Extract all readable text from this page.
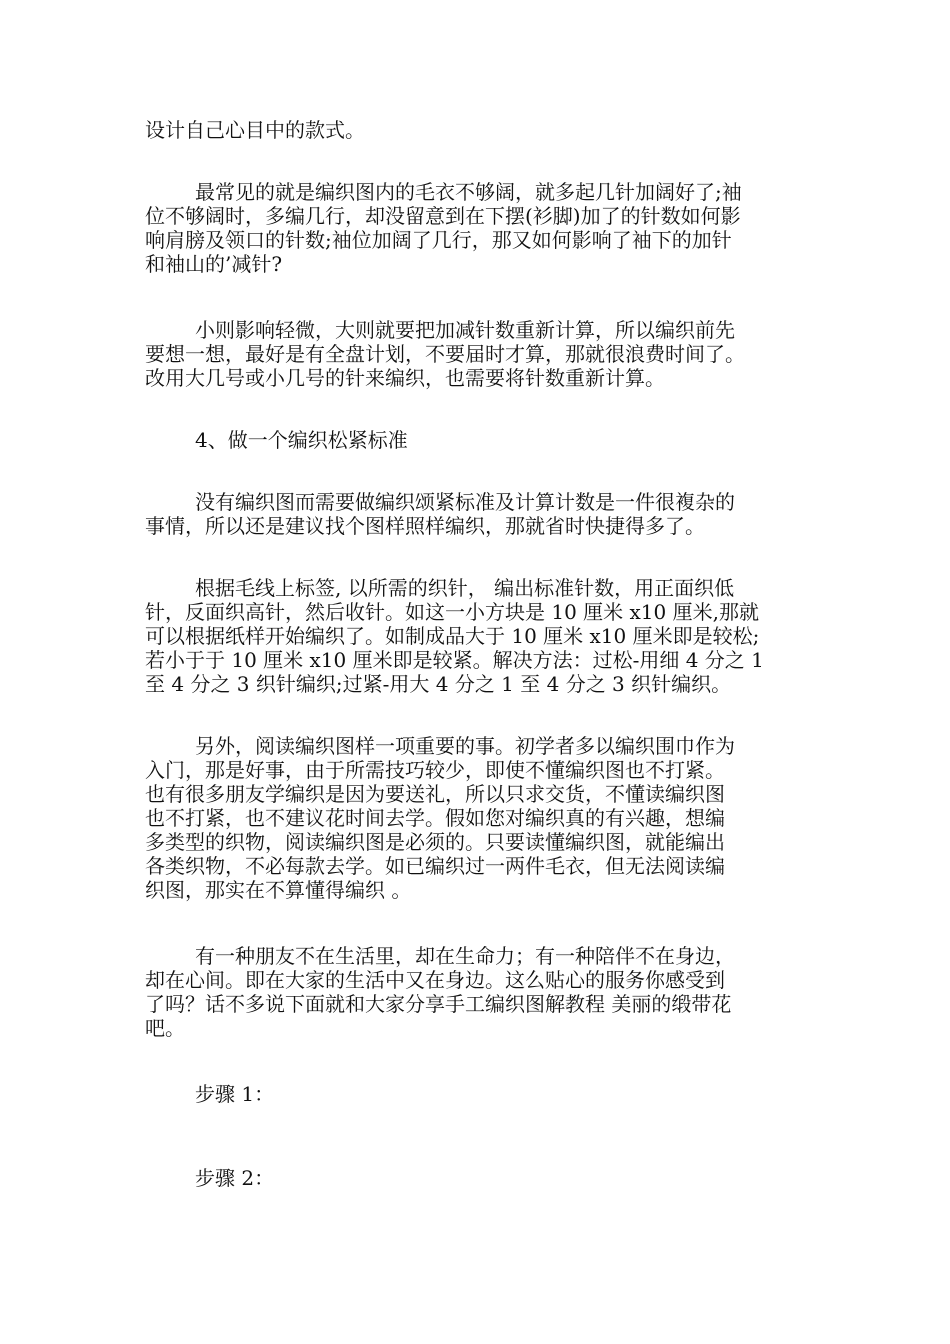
设计自己心目中的款式。

最常见的就是编织图内的毛衣不够阔，就多起几针加阔好了;袖
位不够阔时，多编几行，却没留意到在下摆(衫脚)加了的针数如何影
响肩膀及领口的针数;袖位加阔了几行，那又如何影响了袖下的加针
和袖山的’减针?

小则影响轻微，大则就要把加减针数重新计算，所以编织前先
要想一想，最好是有全盘计划，不要届时才算，那就很浪费时间了。
改用大几号或小几号的针来编织，也需要将针数重新计算。

4、做一个编织松紧标准

没有编织图而需要做编织颂紧标准及计算计数是一件很複杂的
事情，所以还是建议找个图样照样编织，那就省时快捷得多了。

根据毛线上标签, 以所需的织针， 编出标准针数，用正面织低
针，反面织高针，然后收针。如这一小方块是 10 厘米 x10 厘米,那就
可以根据纸样开始编织了。如制成品大于 10 厘米 x10 厘米即是较松;
若小于于 10 厘米 x10 厘米即是较紧。解决方法：过松-用细 4 分之 1
至 4 分之 3 织针编织;过紧-用大 4 分之 1 至 4 分之 3 织针编织。

另外，阅读编织图样一项重要的事。初学者多以编织围巾作为
入门，那是好事，由于所需技巧较少，即使不懂编织图也不打紧。
也有很多朋友学编织是因为要送礼，所以只求交货，不懂读编织图
也不打紧，也不建议花时间去学。假如您对编织真的有兴趣，想编
多类型的织物，阅读编织图是必须的。只要读懂编织图，就能编出
各类织物，不必每款去学。如已编织过一两件毛衣，但无法阅读编
织图，那实在不算懂得编织 。

有一种朋友不在生活里，却在生命力；有一种陪伴不在身边，
却在心间。即在大家的生活中又在身边。这么贴心的服务你感受到
了吗？话不多说下面就和大家分享手工编织图解教程 美丽的缎带花
吧。

步骤 1：

步骤 2：
